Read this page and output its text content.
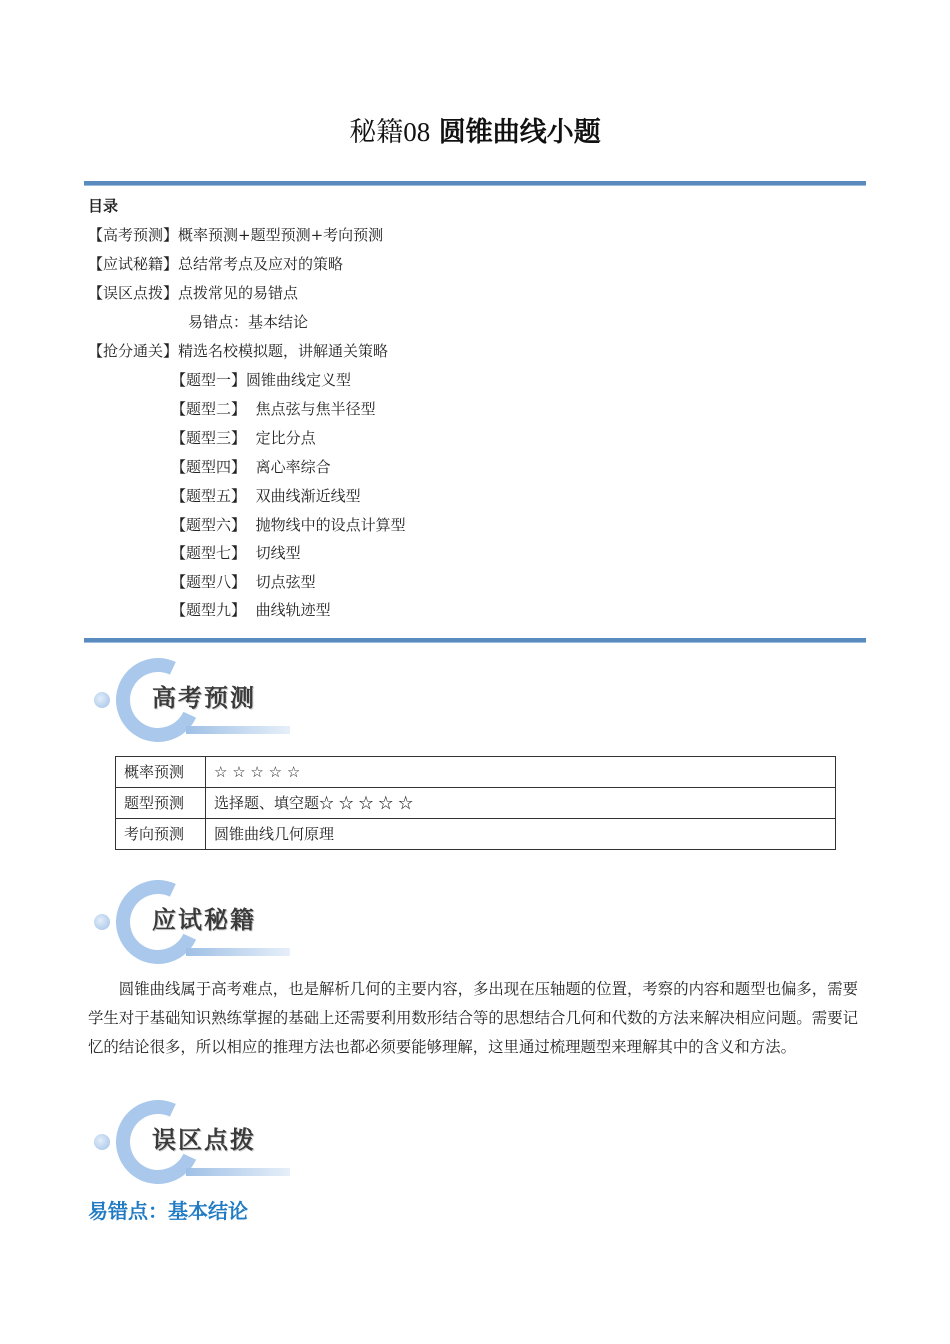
秘籍08 圆锥曲线小题
目录
【高考预测】概率预测+题型预测+考向预测
【应试秘籍】总结常考点及应对的策略
【误区点拨】点拨常见的易错点
易错点：基本结论
【抢分通关】精选名校模拟题，讲解通关策略
【题型一】圆锥曲线定义型
【题型二】 焦点弦与焦半径型
【题型三】 定比分点
【题型四】 离心率综合
【题型五】 双曲线渐近线型
【题型六】 抛物线中的设点计算型
【题型七】 切线型
【题型八】 切点弦型
【题型九】 曲线轨迹型
高考预测
概率预测	☆ ☆ ☆ ☆ ☆
题型预测	选择题、填空题☆ ☆ ☆ ☆ ☆
考向预测	圆锥曲线几何原理
应试秘籍
圆锥曲线属于高考难点，也是解析几何的主要内容，多出现在压轴题的位置，考察的内容和题型也偏多，需要学生对于基础知识熟练掌握的基础上还需要利用数形结合等的思想结合几何和代数的方法来解决相应问题。需要记忆的结论很多，所以相应的推理方法也都必须要能够理解，这里通过梳理题型来理解其中的含义和方法。
误区点拨
易错点：基本结论
